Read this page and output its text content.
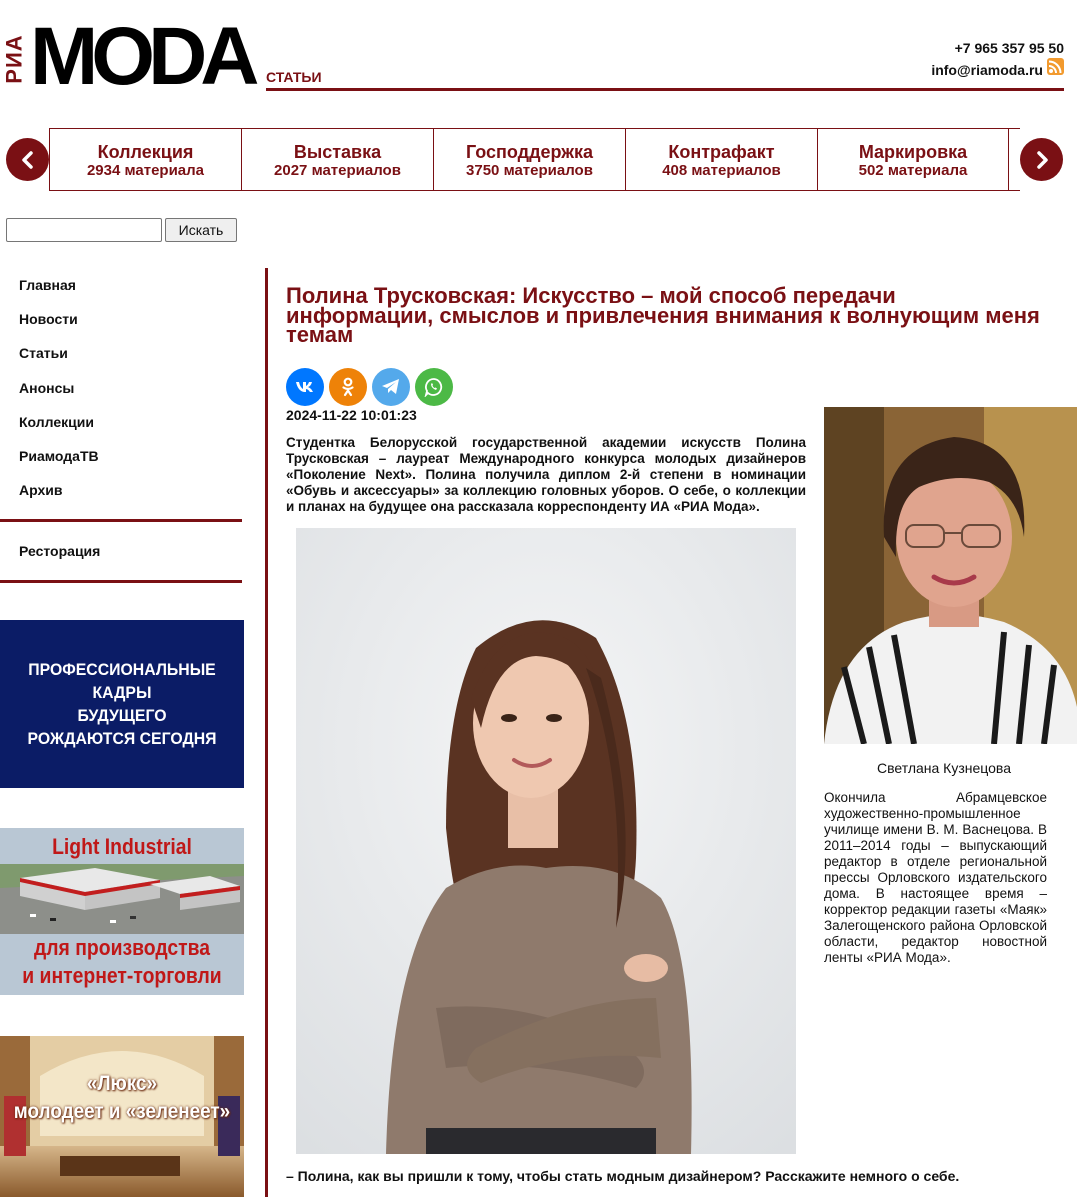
РИА MODA СТАТЬИ
+7 965 357 95 50
info@riamoda.ru
Коллекция
2934 материала
Выставка
2027 материалов
Господдержка
3750 материалов
Контрафакт
408 материалов
Маркировка
502 материала
Искать
Главная
Новости
Статьи
Анонсы
Коллекции
РиамодаТВ
Архив
Ресторация
ПРОФЕССИОНАЛЬНЫЕ КАДРЫ
БУДУЩЕГО
РОЖДАЮТСЯ СЕГОДНЯ
Light Industrial
для производства
и интернет-торговли
«Люкс»
молодеет и «зеленеет»
Полина Трусковская: Искусство – мой способ передачи информации, смыслов и привлечения внимания к волнующим меня темам
2024-11-22 10:01:23

Студентка Белорусской государственной академии искусств Полина Трусковская – лауреат Международного конкурса молодых дизайнеров «Поколение Next». Полина получила диплом 2-й степени в номинации «Обувь и аксессуары» за коллекцию головных уборов. О себе, о коллекции и планах на будущее она рассказала корреспонденту ИА «РИА Мода».

– Полина, как вы пришли к тому, чтобы стать модным дизайнером? Расскажите немного о себе.

Светлана Кузнецова

Окончила Абрамцевское художественно-промышленное училище имени В. М. Васнецова. В 2011–2014 годы – выпускающий редактор в отделе региональной прессы Орловского издательского дома. В настоящее время – корректор редакции газеты «Маяк» Залегощенского района Орловской области, редактор новостной ленты «РИА Мода».
